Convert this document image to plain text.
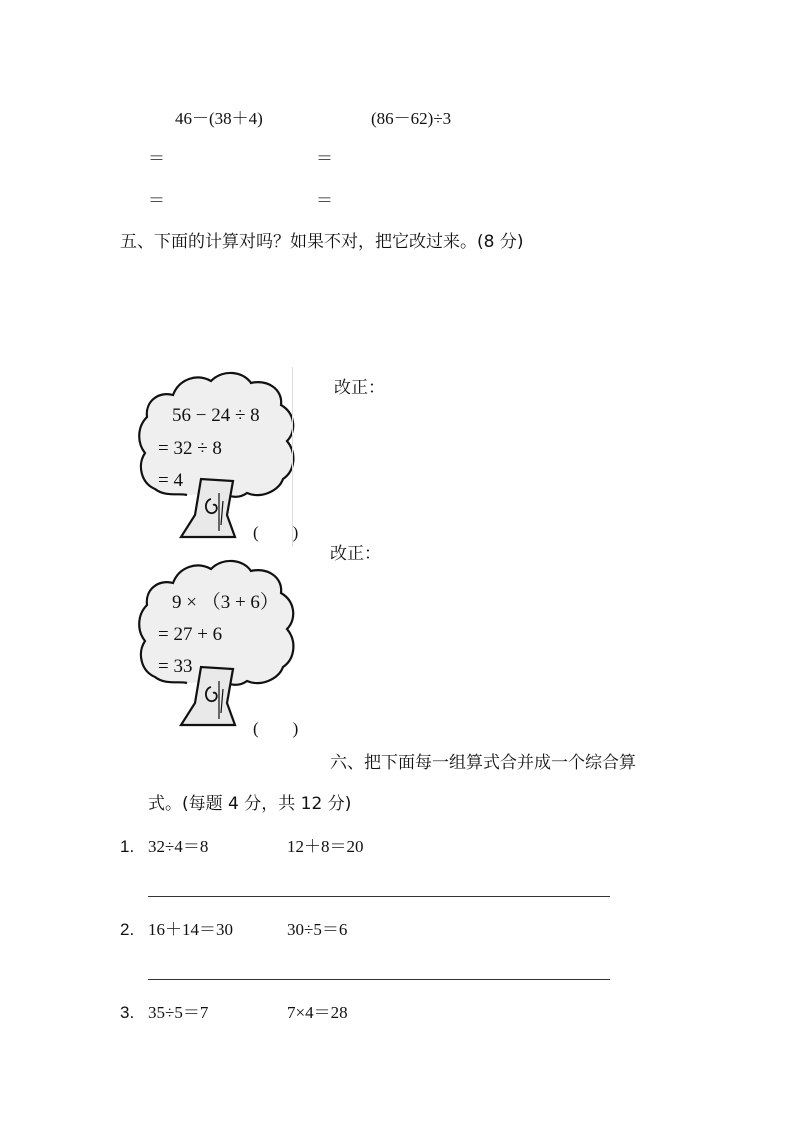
46－(38＋4)	(86－62)÷3
＝	＝
＝	＝
五、下面的计算对吗？如果不对，把它改过来。(8 分)
56 − 24 ÷ 8
= 32 ÷ 8
= 4
(　　)
改正：
9 × （3 + 6）
= 27 + 6
= 33
(　　)
改正：
六、把下面每一组算式合并成一个综合算
式。(每题 4 分，共 12 分)
1. 32÷4＝8	12＋8＝20
2. 16＋14＝30	30÷5＝6
3. 35÷5＝7	7×4＝28
